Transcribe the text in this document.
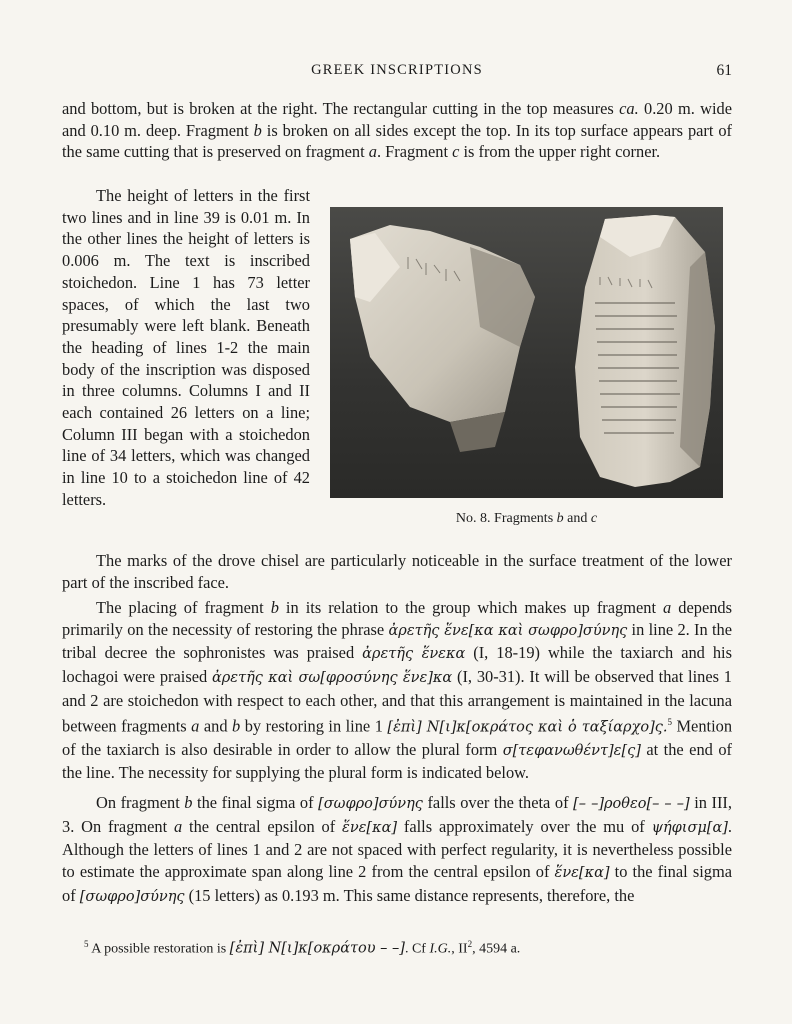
GREEK INSCRIPTIONS	61

and bottom, but is broken at the right. The rectangular cutting in the top measures ca. 0.20 m. wide and 0.10 m. deep. Fragment b is broken on all sides except the top. In its top surface appears part of the same cutting that is preserved on fragment a. Fragment c is from the upper right corner.

The height of letters in the first two lines and in line 39 is 0.01 m. In the other lines the height of letters is 0.006 m. The text is inscribed stoichedon. Line 1 has 73 letter spaces, of which the last two presumably were left blank. Beneath the heading of lines 1-2 the main body of the inscription was disposed in three columns. Columns I and II each contained 26 letters on a line; Column III began with a stoichedon line of 34 letters, which was changed in line 10 to a stoichedon line of 42 letters.

No. 8. Fragments b and c

The marks of the drove chisel are particularly noticeable in the surface treatment of the lower part of the inscribed face.

The placing of fragment b in its relation to the group which makes up fragment a depends primarily on the necessity of restoring the phrase ἀρετῆς ἕνε[κα καὶ σωφρο]σύνης in line 2. In the tribal decree the sophronistes was praised ἀρετῆς ἕνεκα (I, 18-19) while the taxiarch and his lochagoi were praised ἀρετῆς καὶ σω[φροσύνης ἕνε]κα (I, 30-31). It will be observed that lines 1 and 2 are stoichedon with respect to each other, and that this arrangement is maintained in the lacuna between fragments a and b by restoring in line 1 [ἐπὶ] Ν[ι]κ[οκράτος καὶ ὁ ταξίαρχο]ς.$^5$ Mention of the taxiarch is also desirable in order to allow the plural form σ[τεφανωθέντ]ε[ς] at the end of the line. The necessity for supplying the plural form is indicated below.

On fragment b the final sigma of [σωφρο]σύνης falls over the theta of [– –]ροθεο[– – –] in III, 3. On fragment a the central epsilon of ἕνε[κα] falls approximately over the mu of ψήφισμ[α]. Although the letters of lines 1 and 2 are not spaced with perfect regularity, it is nevertheless possible to estimate the approximate span along line 2 from the central epsilon of ἕνε[κα] to the final sigma of [σωφρο]σύνης (15 letters) as 0.193 m. This same distance represents, therefore, the

$^5$ A possible restoration is [ἐπὶ] Ν[ι]κ[οκράτου – –]. Cf I.G., $II^2$, 4594 a.
